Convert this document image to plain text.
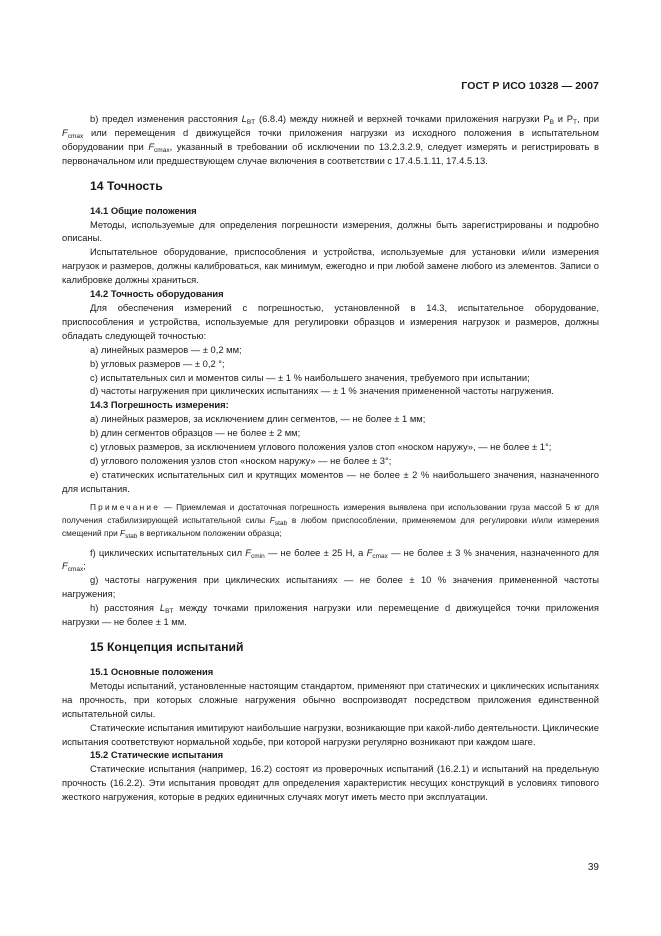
ГОСТ Р ИСО 10328 — 2007

b) предел изменения расстояния $L_{BT}$ (6.8.4) между нижней и верхней точками приложения нагрузки $P_B$ и $P_T$, при $F_{cmax}$ или перемещения d движущейся точки приложения нагрузки из исходного положения в испытательном оборудовании при $F_{cmax}$, указанный в требовании об исключении по 13.2.3.2.9, следует измерять и регистрировать в первоначальном или предшествующем случае включения в соответствии с 17.4.5.1.11, 17.4.5.13.

14 Точность

14.1 Общие положения

Методы, используемые для определения погрешности измерения, должны быть зарегистрированы и подробно описаны.

Испытательное оборудование, приспособления и устройства, используемые для установки и/или измерения нагрузок и размеров, должны калиброваться, как минимум, ежегодно и при любой замене любого из элементов. Записи о калибровке должны храниться.

14.2 Точность оборудования

Для обеспечения измерений с погрешностью, установленной в 14.3, испытательное оборудование, приспособления и устройства, используемые для регулировки образцов и измерения нагрузок и размеров, должны обладать следующей точностью:

а) линейных размеров — ± 0,2 мм;

b) угловых размеров — ± 0,2 °;

с) испытательных сил и моментов силы — ± 1 % наибольшего значения, требуемого при испытании;

d) частоты нагружения при циклических испытаниях — ± 1 % значения примененной частоты нагружения.

14.3 Погрешность измерения:

а) линейных размеров, за исключением длин сегментов, — не более ± 1 мм;

b) длин сегментов образцов — не более ± 2 мм;

с) угловых размеров, за исключением углового положения узлов стоп «носком наружу», — не более ± 1°;

d) углового положения узлов стоп «носком наружу» — не более ± 3°;

е) статических испытательных сил и крутящих моментов — не более ± 2 % наибольшего значения, назначенного для испытания.

Примечание — Приемлемая и достаточная погрешность измерения выявлена при использовании груза массой 5 кг для получения стабилизирующей испытательной силы $F_{stab}$ в любом приспособлении, применяемом для регулировки и/или измерения смещений при $F_{stab}$ в вертикальном положении образца;

f) циклических испытательных сил $F_{cmin}$ — не более ± 25 Н, а $F_{cmax}$ — не более ± 3 % значения, назначенного для $F_{cmax}$;

g) частоты нагружения при циклических испытаниях — не более ± 10 % значения примененной частоты нагружения;

h) расстояния $L_{BT}$ между точками приложения нагрузки или перемещение d движущейся точки приложения нагрузки — не более ± 1 мм.

15 Концепция испытаний

15.1 Основные положения

Методы испытаний, установленные настоящим стандартом, применяют при статических и циклических испытаниях на прочность, при которых сложные нагружения обычно воспроизводят посредством приложения единственной испытательной силы.

Статические испытания имитируют наибольшие нагрузки, возникающие при какой-либо деятельности. Циклические испытания соответствуют нормальной ходьбе, при которой нагрузки регулярно возникают при каждом шаге.

15.2 Статические испытания

Статические испытания (например, 16.2) состоят из проверочных испытаний (16.2.1) и испытаний на предельную прочность (16.2.2). Эти испытания проводят для определения характеристик несущих конструкций в условиях типового жесткого нагружения, которые в редких единичных случаях могут иметь место при эксплуатации.

39
